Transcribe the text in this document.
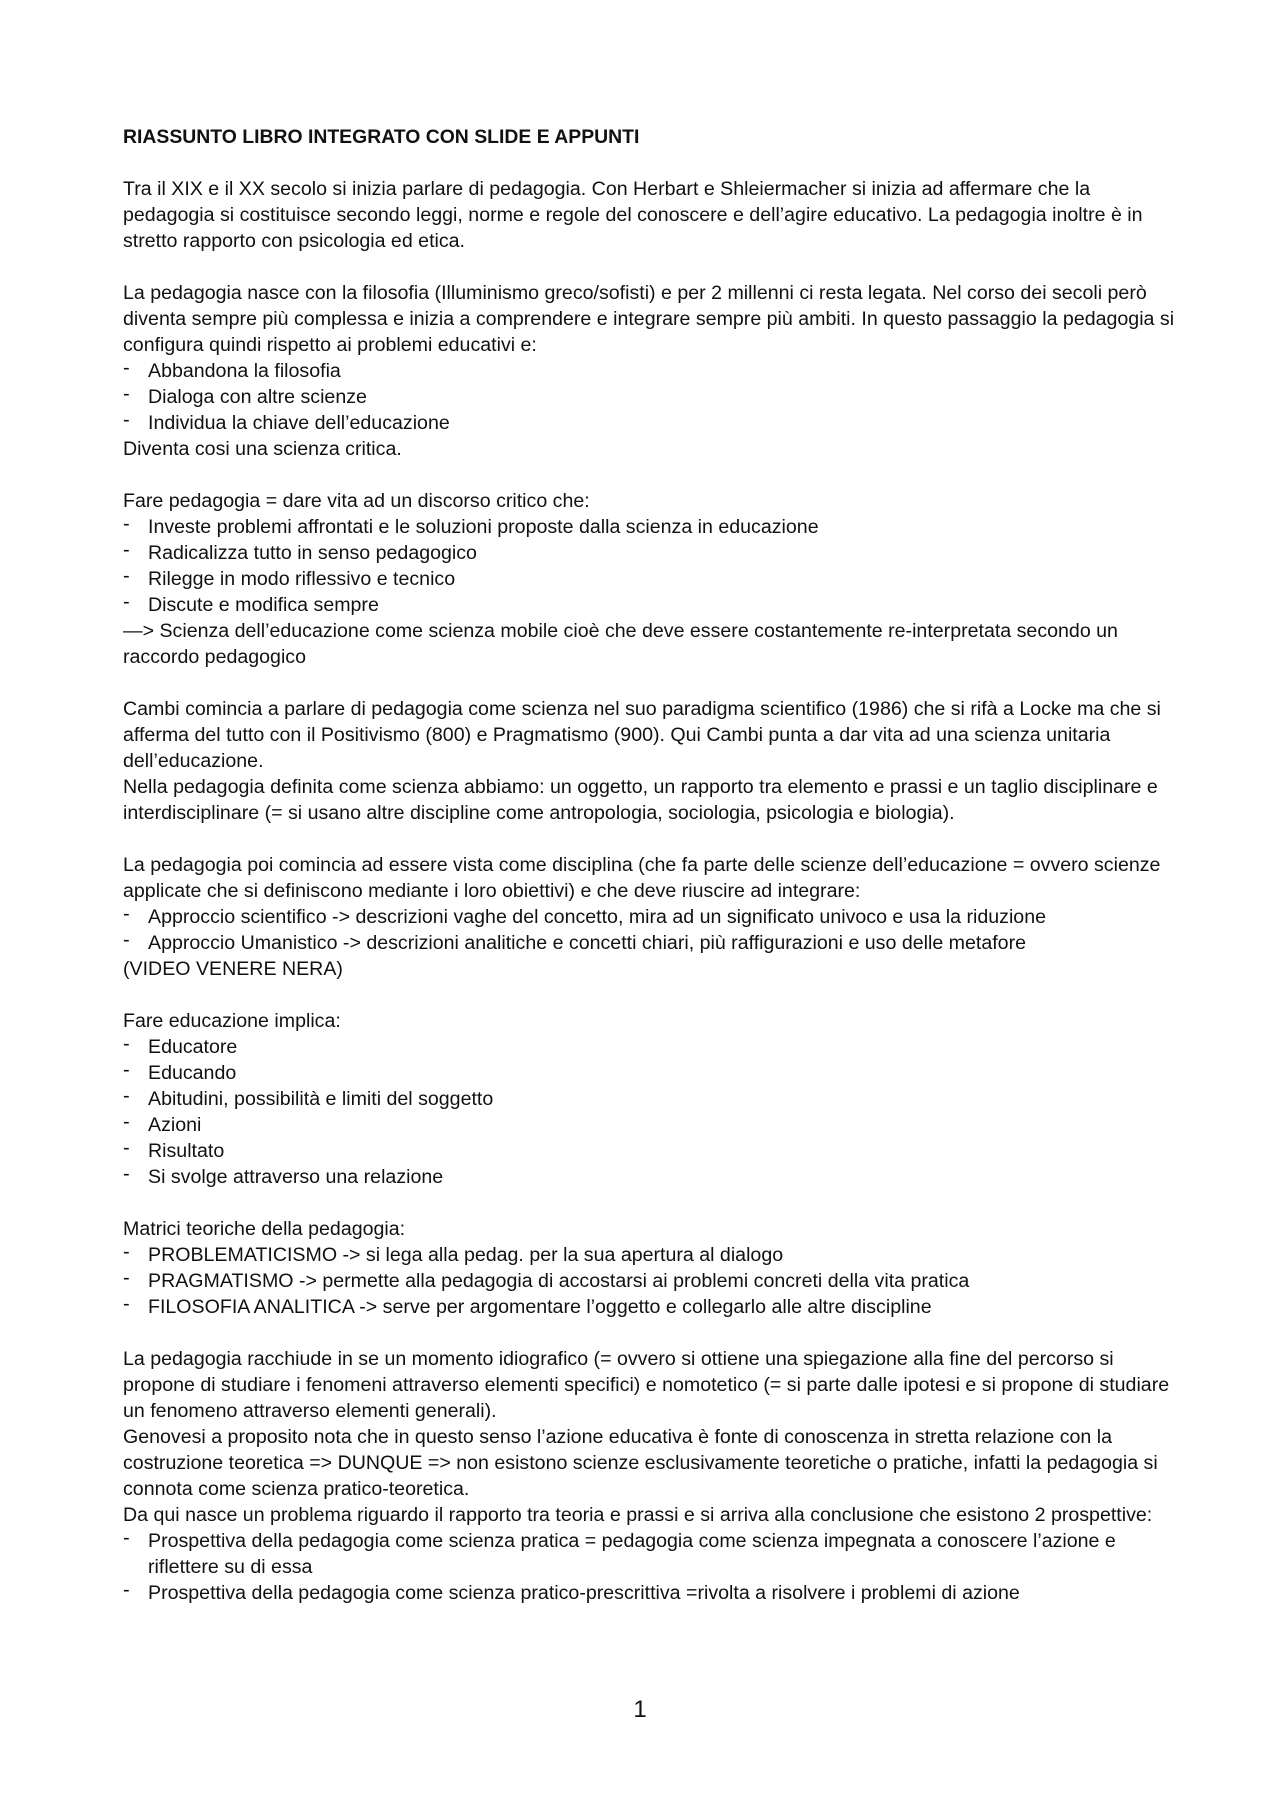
RIASSUNTO LIBRO INTEGRATO CON SLIDE E APPUNTI

Tra il XIX e il XX secolo si inizia parlare di pedagogia. Con Herbart e Shleiermacher si inizia ad affermare che la pedagogia si costituisce secondo leggi, norme e regole del conoscere e dell’agire educativo. La pedagogia inoltre è in stretto rapporto con psicologia ed etica.

La pedagogia nasce con la filosofia (Illuminismo greco/sofisti) e per 2 millenni ci resta legata. Nel corso dei secoli però diventa sempre più complessa e inizia a comprendere e integrare sempre più ambiti. In questo passaggio la pedagogia si configura quindi rispetto ai problemi educativi e:

- Abbandona la filosofia
- Dialoga con altre scienze
- Individua la chiave dell’educazione

Diventa cosi una scienza critica.

Fare pedagogia = dare vita ad un discorso critico che:

- Investe problemi affrontati e le soluzioni proposte dalla scienza in educazione
- Radicalizza tutto in senso pedagogico
- Rilegge in modo riflessivo e tecnico
- Discute e modifica sempre

—> Scienza dell’educazione come scienza mobile cioè che deve essere costantemente re-interpretata secondo un raccordo pedagogico

Cambi comincia a parlare di pedagogia come scienza nel suo paradigma scientifico (1986) che si rifà a Locke ma che si afferma del tutto con il Positivismo (800) e Pragmatismo (900). Qui Cambi punta a dar vita ad una scienza unitaria dell’educazione.

Nella pedagogia definita come scienza abbiamo: un oggetto, un rapporto tra elemento e prassi e un taglio disciplinare e interdisciplinare (= si usano altre discipline come antropologia, sociologia, psicologia e biologia).

La pedagogia poi comincia ad essere vista come disciplina (che fa parte delle scienze dell’educazione = ovvero scienze applicate che si definiscono mediante i loro obiettivi) e che deve riuscire ad integrare:

- Approccio scientifico -> descrizioni vaghe del concetto, mira ad un significato univoco e usa la riduzione
- Approccio Umanistico -> descrizioni analitiche e concetti chiari, più raffigurazioni e uso delle metafore

(VIDEO VENERE NERA)

Fare educazione implica:

- Educatore
- Educando
- Abitudini, possibilità e limiti del soggetto
- Azioni
- Risultato
- Si svolge attraverso una relazione

Matrici teoriche della pedagogia:

- PROBLEMATICISMO -> si lega alla pedag. per la sua apertura al dialogo
- PRAGMATISMO -> permette alla pedagogia di accostarsi ai problemi concreti della vita pratica
- FILOSOFIA ANALITICA -> serve per argomentare l’oggetto e collegarlo alle altre discipline

La pedagogia racchiude in se un momento idiografico (= ovvero si ottiene una spiegazione alla fine del percorso si propone di studiare i fenomeni attraverso elementi specifici) e nomotetico (= si parte dalle ipotesi e si propone di studiare un fenomeno attraverso elementi generali).

Genovesi a proposito nota che in questo senso l’azione educativa è fonte di conoscenza in stretta relazione con la costruzione teoretica => DUNQUE => non esistono scienze esclusivamente teoretiche o pratiche, infatti la pedagogia si connota come scienza pratico-teoretica.

Da qui nasce un problema riguardo il rapporto tra teoria e prassi e si arriva alla conclusione che esistono 2 prospettive:

- Prospettiva della pedagogia come scienza pratica = pedagogia come scienza impegnata a conoscere l’azione e riflettere su di essa
- Prospettiva della pedagogia come scienza pratico-prescrittiva =rivolta a risolvere i problemi di azione
1
